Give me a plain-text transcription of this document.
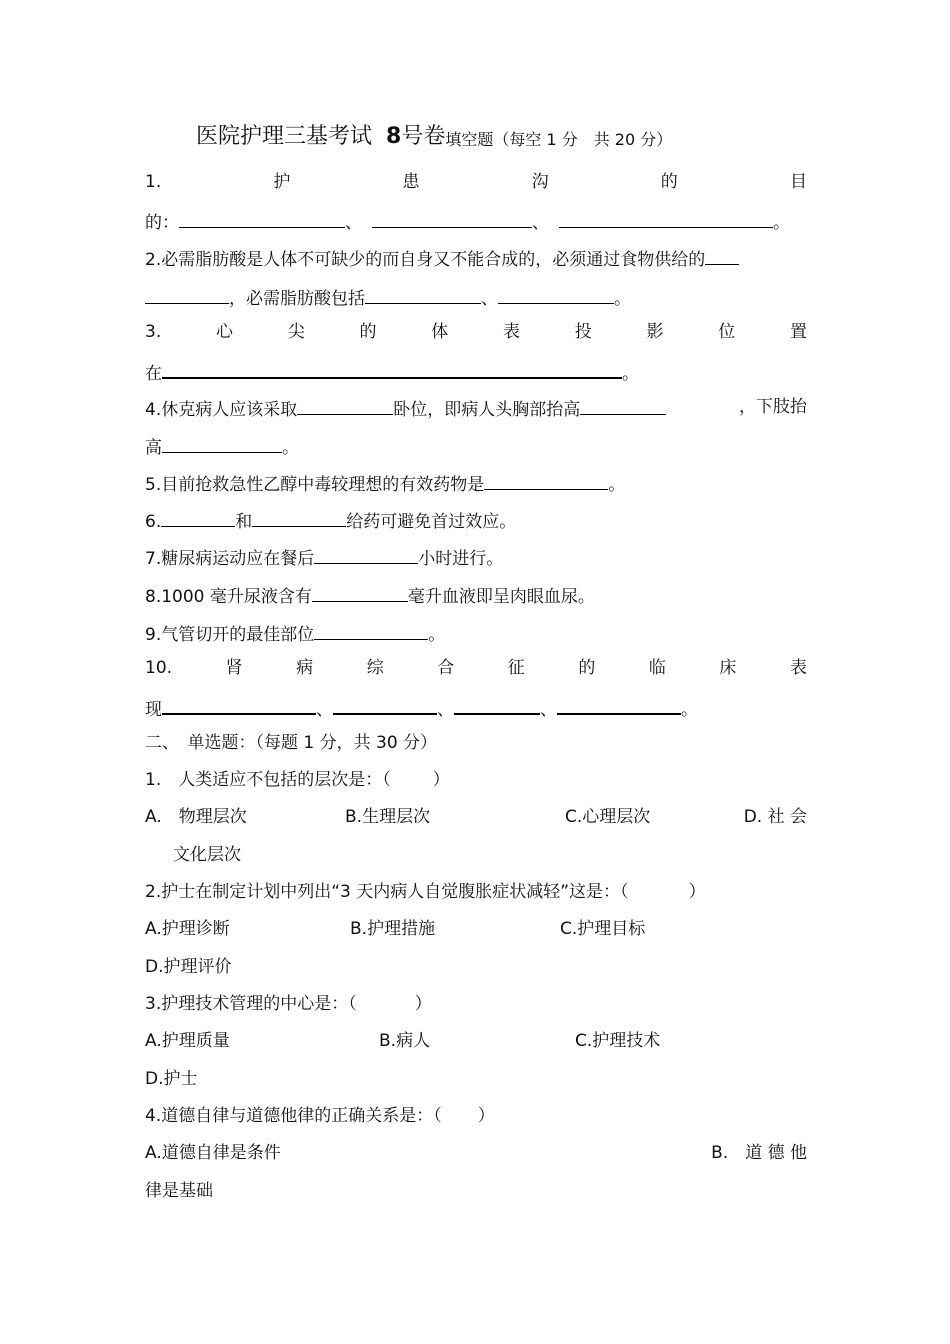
医院护理三基考试 8号卷填空题（每空 1 分　共 20 分）
1.	护	患	沟	的	目
的：	、	、	。
2.必需脂肪酸是人体不可缺少的而自身又不能合成的，必须通过食物供给的
，必需脂肪酸包括	、	。
3.	心	尖	的	体	表	投	影	位	置
在	。
4.休克病人应该采取	卧位，即病人头胸部抬高	，下肢抬
高	。
5.目前抢救急性乙醇中毒较理想的有效药物是	。
6.	和	给药可避免首过效应。
7.糖尿病运动应在餐后	小时进行。
8.1000 毫升尿液含有	毫升血液即呈肉眼血尿。
9.气管切开的最佳部位	。
10.	肾	病	综	合	征	的	临	床	表
现	、	、	、	。
二、　单选题：（每题 1 分，共 30 分）
1.　人类适应不包括的层次是：（ ）
A.　物理层次	B.生理层次	C.心理层次	D. 社 会
文化层次
2.护士在制定计划中列出“3 天内病人自觉腹胀症状减轻”这是：（	）
A.护理诊断	B.护理措施	C.护理目标
D.护理评价
3.护理技术管理的中心是：（	）
A.护理质量	B.病人	C.护理技术
D.护士
4.道德自律与道德他律的正确关系是：（ ）
A.道德自律是条件	B.　道 德 他
律是基础
